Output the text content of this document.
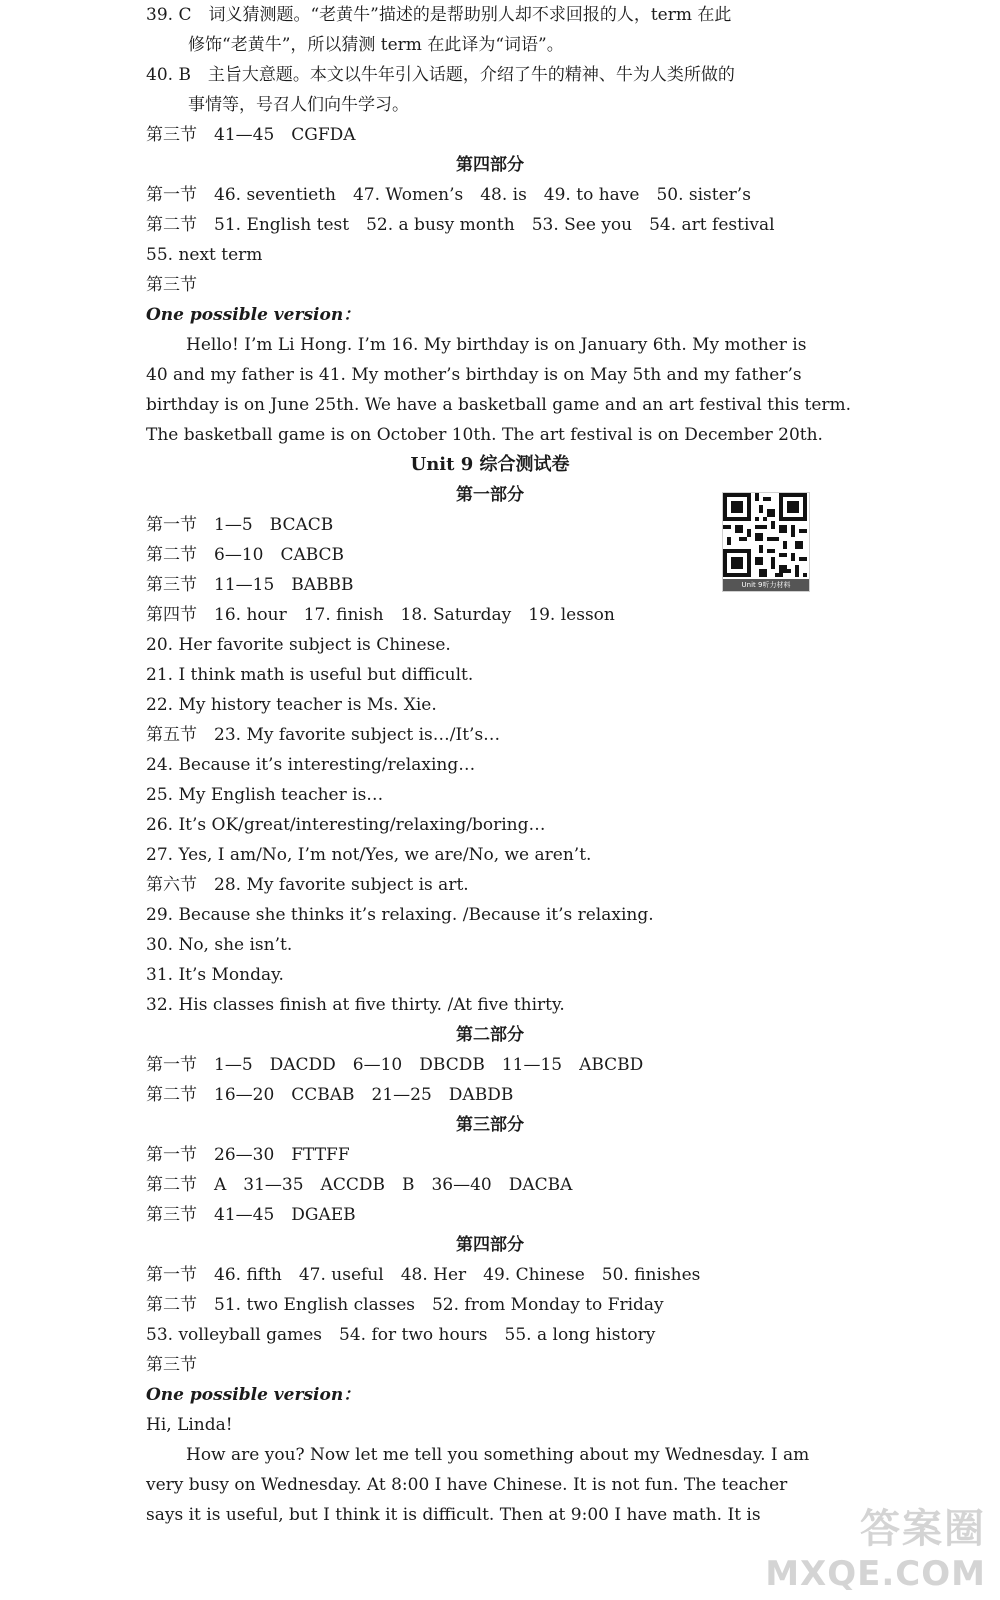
39. C　词义猜测题。“老黄牛”描述的是帮助别人却不求回报的人，term 在此
修饰“老黄牛”，所以猜测 term 在此译为“词语”。
40. B　主旨大意题。本文以牛年引入话题，介绍了牛的精神、牛为人类所做的
事情等，号召人们向牛学习。
第三节　41—45　CGFDA
第四部分
第一节　46. seventieth　47. Women’s　48. is　49. to have　50. sister’s
第二节　51. English test　52. a busy month　53. See you　54. art festival
55. next term
第三节
One possible version：
Hello! I’m Li Hong. I’m 16. My birthday is on January 6th. My mother is
40 and my father is 41. My mother’s birthday is on May 5th and my father’s
birthday is on June 25th. We have a basketball game and an art festival this term.
The basketball game is on October 10th. The art festival is on December 20th.
Unit 9 综合测试卷
第一部分
Unit 9听力材料
第一节　1—5　BCACB
第二节　6—10　CABCB
第三节　11—15　BABBB
第四节　16. hour　17. finish　18. Saturday　19. lesson
20. Her favorite subject is Chinese.
21. I think math is useful but difficult.
22. My history teacher is Ms. Xie.
第五节　23. My favorite subject is…/It’s…
24. Because it’s interesting/relaxing…
25. My English teacher is…
26. It’s OK/great/interesting/relaxing/boring…
27. Yes, I am/No, I’m not/Yes, we are/No, we aren’t.
第六节　28. My favorite subject is art.
29. Because she thinks it’s relaxing. /Because it’s relaxing.
30. No, she isn’t.
31. It’s Monday.
32. His classes finish at five thirty. /At five thirty.
第二部分
第一节　1—5　DACDD　6—10　DBCDB　11—15　ABCBD
第二节　16—20　CCBAB　21—25　DABDB
第三部分
第一节　26—30　FTTFF
第二节　A　31—35　ACCDB　B　36—40　DACBA
第三节　41—45　DGAEB
第四部分
第一节　46. fifth　47. useful　48. Her　49. Chinese　50. finishes
第二节　51. two English classes　52. from Monday to Friday
53. volleyball games　54. for two hours　55. a long history
第三节
One possible version：
Hi, Linda!
How are you? Now let me tell you something about my Wednesday. I am
very busy on Wednesday. At 8:00 I have Chinese. It is not fun. The teacher
says it is useful, but I think it is difficult. Then at 9:00 I have math. It is	答案圈
MXQE.COM
